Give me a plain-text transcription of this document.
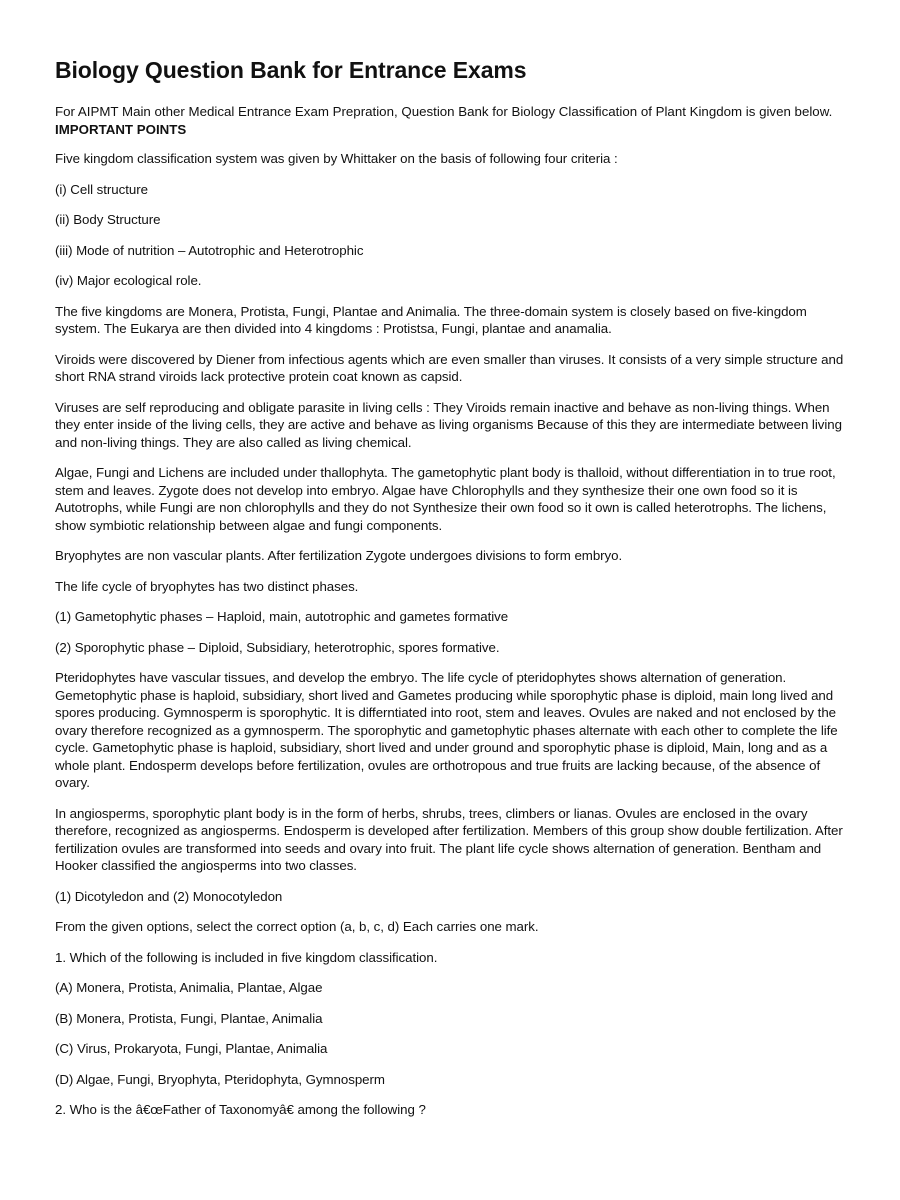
Biology Question Bank for Entrance Exams

For AIPMT Main other Medical Entrance Exam Prepration, Question Bank for Biology Classification of Plant Kingdom is given below.

IMPORTANT POINTS

Five kingdom classification system was given by Whittaker on the basis of following four criteria :

(i) Cell structure

(ii) Body Structure

(iii) Mode of nutrition – Autotrophic and Heterotrophic

(iv) Major ecological role.

The five kingdoms are Monera, Protista, Fungi, Plantae and Animalia. The three-domain system is closely based on five-kingdom system. The Eukarya are then divided into 4 kingdoms : Protistsa, Fungi, plantae and anamalia.

Viroids were discovered by Diener from infectious agents which are even smaller than viruses. It consists of a very simple structure and short RNA strand viroids lack protective protein coat known as capsid.

Viruses are self reproducing and obligate parasite in living cells : They Viroids remain inactive and behave as non-living things. When they enter inside of the living cells, they are active and behave as living organisms Because of this they are intermediate between living and non-living things. They are also called as living chemical.

Algae, Fungi and Lichens are included under thallophyta. The gametophytic plant body is thalloid, without differentiation in to true root, stem and leaves. Zygote does not develop into embryo. Algae have Chlorophylls and they synthesize their one own food so it is Autotrophs, while Fungi are non chlorophylls and they do not Synthesize their own food so it own is called heterotrophs. The lichens, show symbiotic relationship between algae and fungi components.

Bryophytes are non vascular plants. After fertilization Zygote undergoes divisions to form embryo.

The life cycle of bryophytes has two distinct phases.

(1) Gametophytic phases – Haploid, main, autotrophic and gametes formative

(2) Sporophytic phase – Diploid, Subsidiary, heterotrophic, spores formative.

Pteridophytes have vascular tissues, and develop the embryo. The life cycle of pteridophytes shows alternation of generation. Gemetophytic phase is haploid, subsidiary, short lived and Gametes producing while sporophytic phase is diploid, main long lived and spores producing. Gymnosperm is sporophytic. It is differntiated into root, stem and leaves. Ovules are naked and not enclosed by the ovary therefore recognized as a gymnosperm. The sporophytic and gametophytic phases alternate with each other to complete the life cycle. Gametophytic phase is haploid, subsidiary, short lived and under ground and sporophytic phase is diploid, Main, long and as a whole plant. Endosperm develops before fertilization, ovules are orthotropous and true fruits are lacking because, of the absence of ovary.

In angiosperms, sporophytic plant body is in the form of herbs, shrubs, trees, climbers or lianas. Ovules are enclosed in the ovary therefore, recognized as angiosperms. Endosperm is developed after fertilization. Members of this group show double fertilization. After fertilization ovules are transformed into seeds and ovary into fruit. The plant life cycle shows alternation of generation. Bentham and Hooker classified the angiosperms into two classes.

(1) Dicotyledon and (2) Monocotyledon

From the given options, select the correct option (a, b, c, d) Each carries one mark.

1. Which of the following is included in five kingdom classification.

(A) Monera, Protista, Animalia, Plantae, Algae

(B) Monera, Protista, Fungi, Plantae, Animalia

(C) Virus, Prokaryota, Fungi, Plantae, Animalia

(D) Algae, Fungi, Bryophyta, Pteridophyta, Gymnosperm

2. Who is the â€œFather of Taxonomyâ€ among the following ?
